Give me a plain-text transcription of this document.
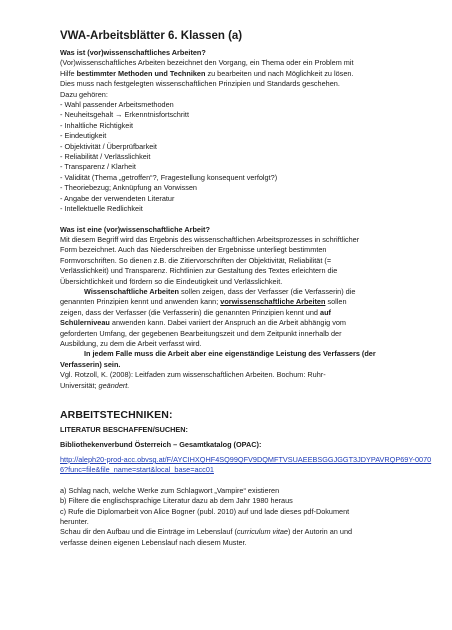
VWA-Arbeitsblätter 6. Klassen (a)

Was ist (vor)wissenschaftliches Arbeiten?

(Vor)wissenschaftliches Arbeiten bezeichnet den Vorgang, ein Thema oder ein Problem mit

Hilfe bestimmter Methoden und Techniken zu bearbeiten und nach Möglichkeit zu lösen.

Dies muss nach festgelegten wissenschaftlichen Prinzipien und Standards geschehen.

Dazu gehören:

- Wahl passender Arbeitsmethoden
- Neuheitsgehalt → Erkenntnisfortschritt
- Inhaltliche Richtigkeit
- Eindeutigkeit
- Objektivität / Überprüfbarkeit
- Reliabilität / Verlässlichkeit
- Transparenz / Klarheit
- Validität (Thema „getroffen“?, Fragestellung konsequent verfolgt?)
- Theoriebezug; Anknüpfung an Vorwissen
- Angabe der verwendeten Literatur
- Intellektuelle Redlichkeit

Was ist eine (vor)wissenschaftliche Arbeit?

Mit diesem Begriff wird das Ergebnis des wissenschaftlichen Arbeitsprozesses in schriftlicher

Form bezeichnet. Auch das Niederschreiben der Ergebnisse unterliegt bestimmten

Formvorschriften. So dienen z.B. die Zitiervorschriften der Objektivität, Reliabilität (=

Verlässlichkeit) und Transparenz. Richtlinien zur Gestaltung des Textes erleichtern die

Übersichtlichkeit und fördern so die Eindeutigkeit und Verlässlichkeit.

Wissenschaftliche Arbeiten sollen zeigen, dass der Verfasser (die Verfasserin) die

genannten Prinzipien kennt und anwenden kann; vorwissenschaftliche Arbeiten sollen

zeigen, dass der Verfasser (die Verfasserin) die genannten Prinzipien kennt und auf

Schülerniveau anwenden kann. Dabei variiert der Anspruch an die Arbeit abhängig vom

geforderten Umfang, der gegebenen Bearbeitungszeit und dem Zeitpunkt innerhalb der

Ausbildung, zu dem die Arbeit verfasst wird.

In jedem Falle muss die Arbeit aber eine eigenständige Leistung des Verfassers (der

Verfasserin) sein.

Vgl. Rotzoll, K. (2008): Leitfaden zum wissenschaftlichen Arbeiten. Bochum: Ruhr-

Universität; geändert.

ARBEITSTECHNIKEN:
LITERATUR BESCHAFFEN/SUCHEN:
Bibliothekenverbund Österreich – Gesamtkatalog (OPAC):

http://aleph20-prod-acc.obvsg.at/F/AYCIHXQHF4SQ99QFV9DQMFTVSUAEEBSGGJGGT3JDYPAVRQP69Y-00706?func=file&file_name=start&local_base=acc01

a) Schlag nach, welche Werke zum Schlagwort „Vampire“ existieren

b) Filtere die englischsprachige Literatur dazu ab dem Jahr 1980 heraus

c) Rufe die Diplomarbeit von Alice Bogner (publ. 2010) auf und lade dieses pdf-Dokument

herunter.

Schau dir den Aufbau und die Einträge im Lebenslauf (curriculum vitae) der Autorin an und

verfasse deinen eigenen Lebenslauf nach diesem Muster.
